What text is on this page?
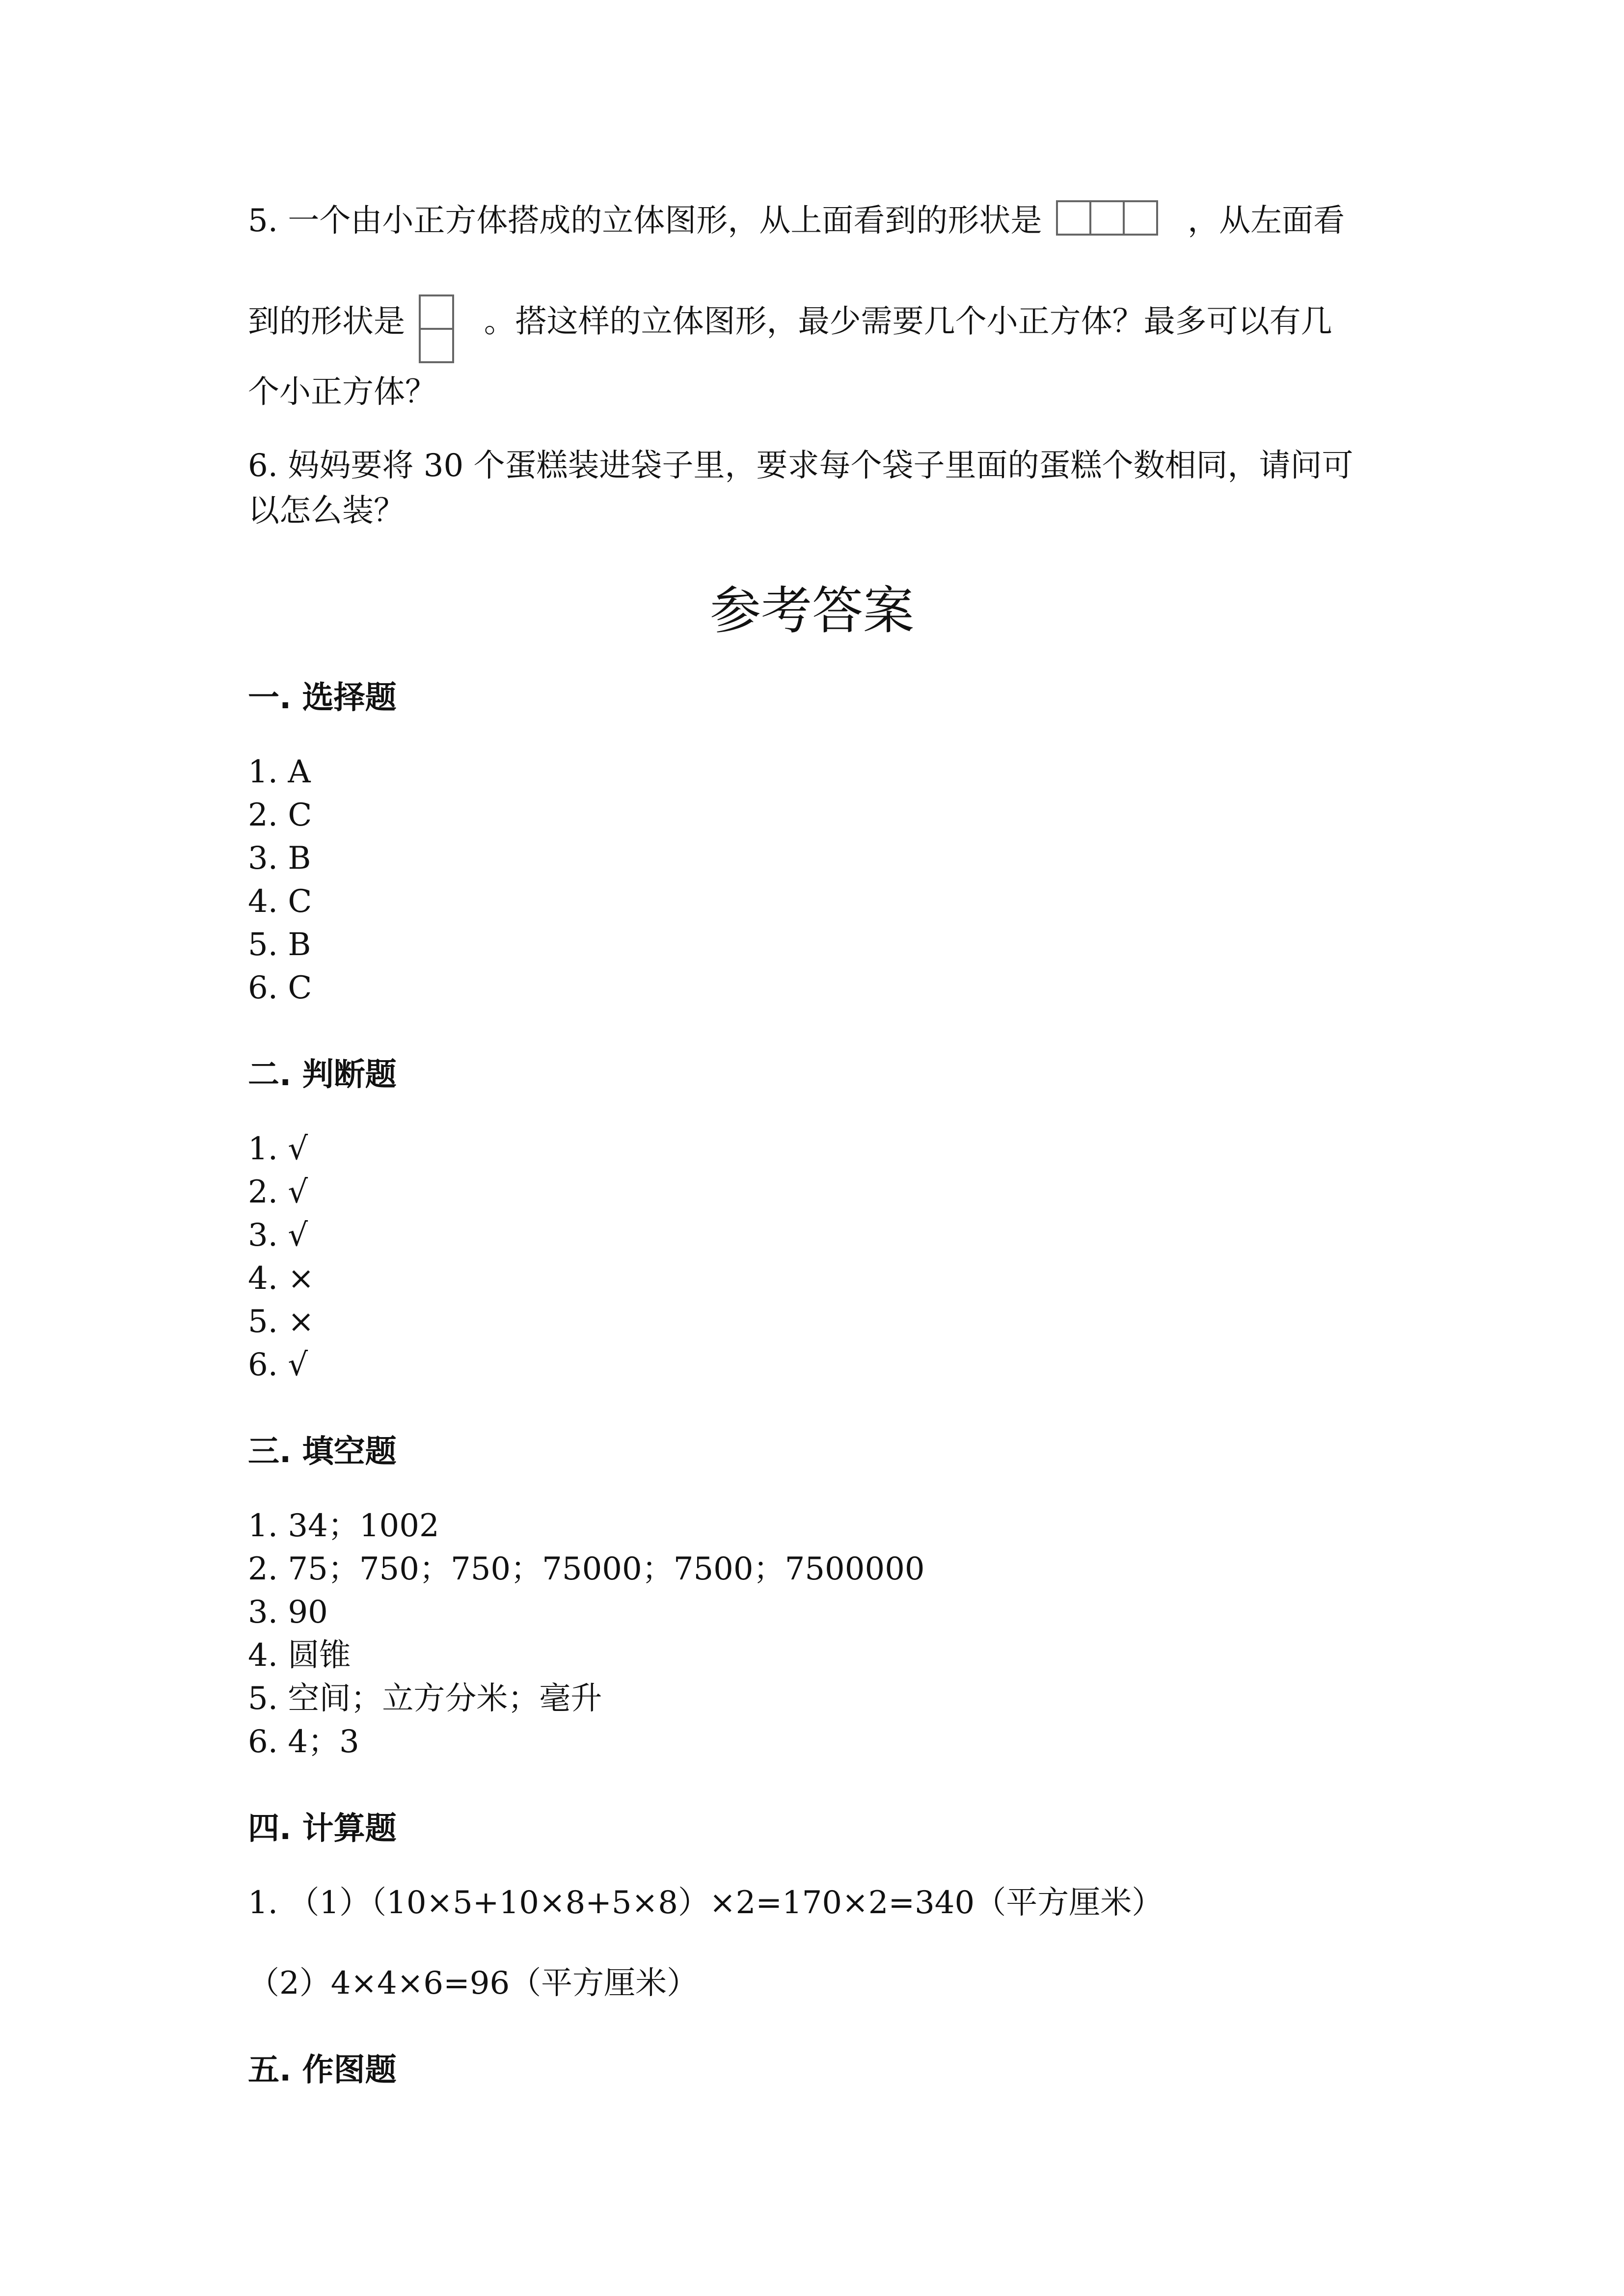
5. 一个由小正方体搭成的立体图形，从上面看到的形状是	，从左面看
到的形状是	。搭这样的立体图形，最少需要几个小正方体？最多可以有几
个小正方体？
6. 妈妈要将 30 个蛋糕装进袋子里，要求每个袋子里面的蛋糕个数相同，请问可
以怎么装？
参考答案
一. 选择题
1. A
2. C
3. B
4. C
5. B
6. C
二. 判断题
1. √
2. √
3. √
4. ×
5. ×
6. √
三. 填空题
1. 34；1002
2. 75；750；750；75000；7500；7500000
3. 90
4. 圆锥
5. 空间；立方分米；毫升
6. 4；3
四. 计算题
1. （1）（10×5+10×8+5×8）×2=170×2=340（平方厘米）
（2）4×4×6=96（平方厘米）
五. 作图题
